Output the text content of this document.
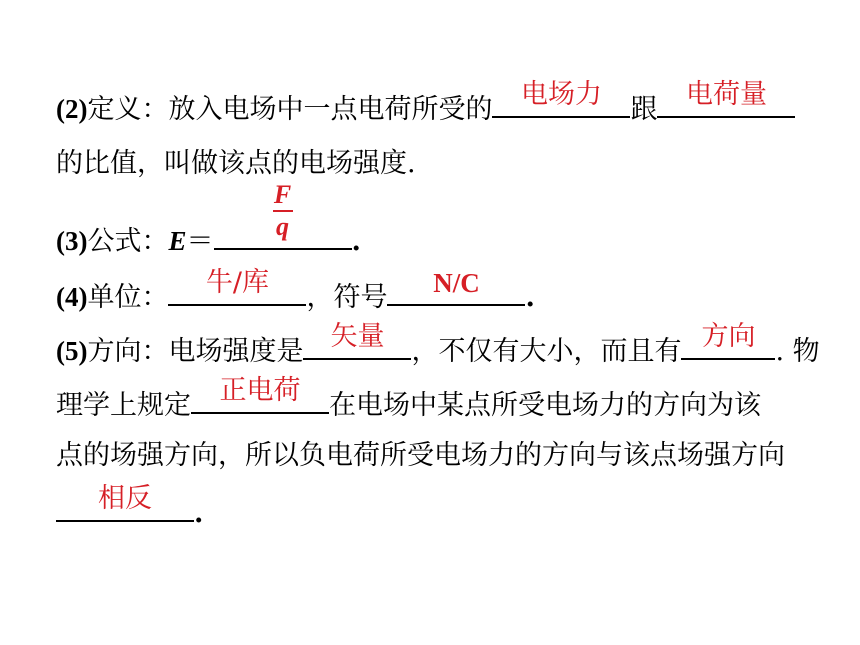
(2)定义：放入电场中一点电荷所受的	电场力	跟	电荷量
的比值，叫做该点的电场强度.
(3)公式：E＝
F
q	.
(4)单位：	牛/库	，符号	N/C	.
(5)方向：电场强度是	矢量	，不仅有大小，而且有 方向 . 物
理学上规定	正电荷	在电场中某点所受电场力的方向为该
点的场强方向，所以负电荷所受电场力的方向与该点场强方向
相反	.
